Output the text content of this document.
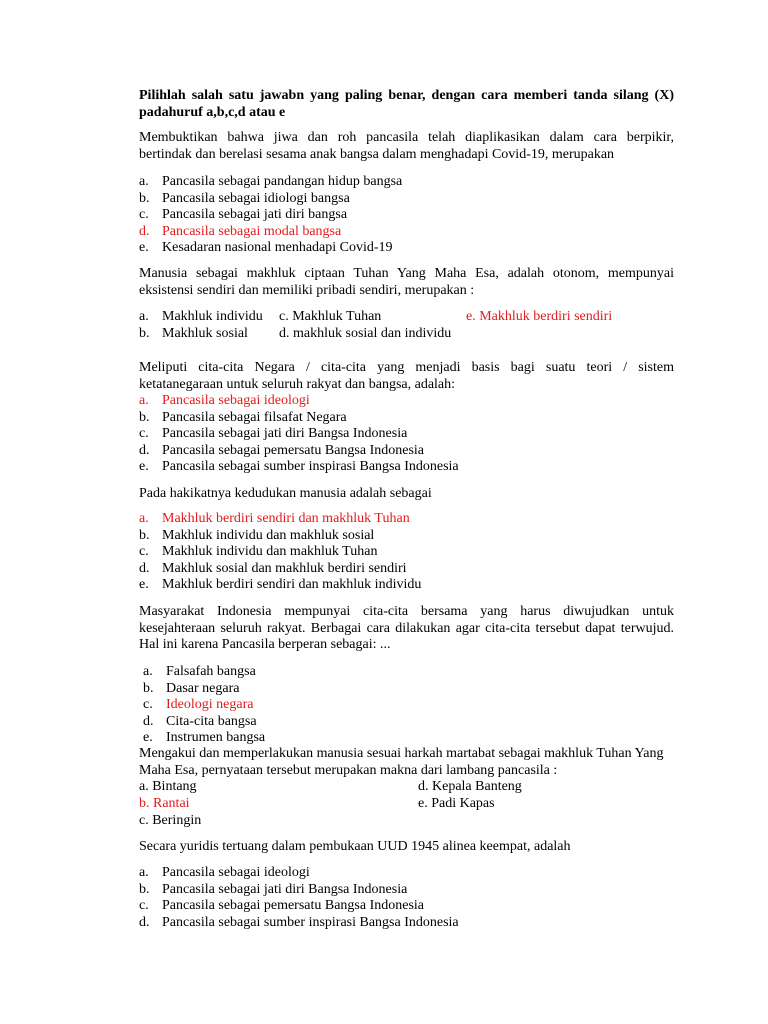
Pilihlah salah satu jawabn yang paling benar, dengan cara memberi tanda silang (X)
padahuruf a,b,c,d atau e
Membuktikan bahwa jiwa dan roh pancasila telah diaplikasikan dalam cara berpikir,
bertindak dan berelasi sesama anak bangsa dalam menghadapi Covid-19, merupakan
a. Pancasila sebagai pandangan hidup bangsa
b. Pancasila sebagai idiologi bangsa
c. Pancasila sebagai jati diri bangsa
d. Pancasila sebagai modal bangsa
e. Kesadaran nasional menhadapi Covid-19
Manusia sebagai makhluk ciptaan Tuhan Yang Maha Esa, adalah otonom, mempunyai
eksistensi sendiri dan memiliki pribadi sendiri, merupakan :
a. Makhluk individu c. Makhluk Tuhan	e. Makhluk berdiri sendiri
b. Makhluk sosial d. makhluk sosial dan individu
Meliputi cita-cita Negara / cita-cita yang menjadi basis bagi suatu teori / sistem
ketatanegaraan untuk seluruh rakyat dan bangsa, adalah:
a. Pancasila sebagai ideologi
b. Pancasila sebagai filsafat Negara
c. Pancasila sebagai jati diri Bangsa Indonesia
d. Pancasila sebagai pemersatu Bangsa Indonesia
e. Pancasila sebagai sumber inspirasi Bangsa Indonesia
Pada hakikatnya kedudukan manusia adalah sebagai
a. Makhluk berdiri sendiri dan makhluk Tuhan
b. Makhluk individu dan makhluk sosial
c. Makhluk individu dan makhluk Tuhan
d. Makhluk sosial dan makhluk berdiri sendiri
e. Makhluk berdiri sendiri dan makhluk individu
Masyarakat Indonesia mempunyai cita-cita bersama yang harus diwujudkan untuk
kesejahteraan seluruh rakyat. Berbagai cara dilakukan agar cita-cita tersebut dapat terwujud.
Hal ini karena Pancasila berperan sebagai: ...
a. Falsafah bangsa
b. Dasar negara
c. Ideologi negara
d. Cita-cita bangsa
e. Instrumen bangsa
Mengakui dan memperlakukan manusia sesuai harkah martabat sebagai makhluk Tuhan Yang
Maha Esa, pernyataan tersebut merupakan makna dari lambang pancasila :
a. Bintang	d. Kepala Banteng
b. Rantai	e. Padi Kapas
c. Beringin
Secara yuridis tertuang dalam pembukaan UUD 1945 alinea keempat, adalah
a. Pancasila sebagai ideologi
b. Pancasila sebagai jati diri Bangsa Indonesia
c. Pancasila sebagai pemersatu Bangsa Indonesia
d. Pancasila sebagai sumber inspirasi Bangsa Indonesia
